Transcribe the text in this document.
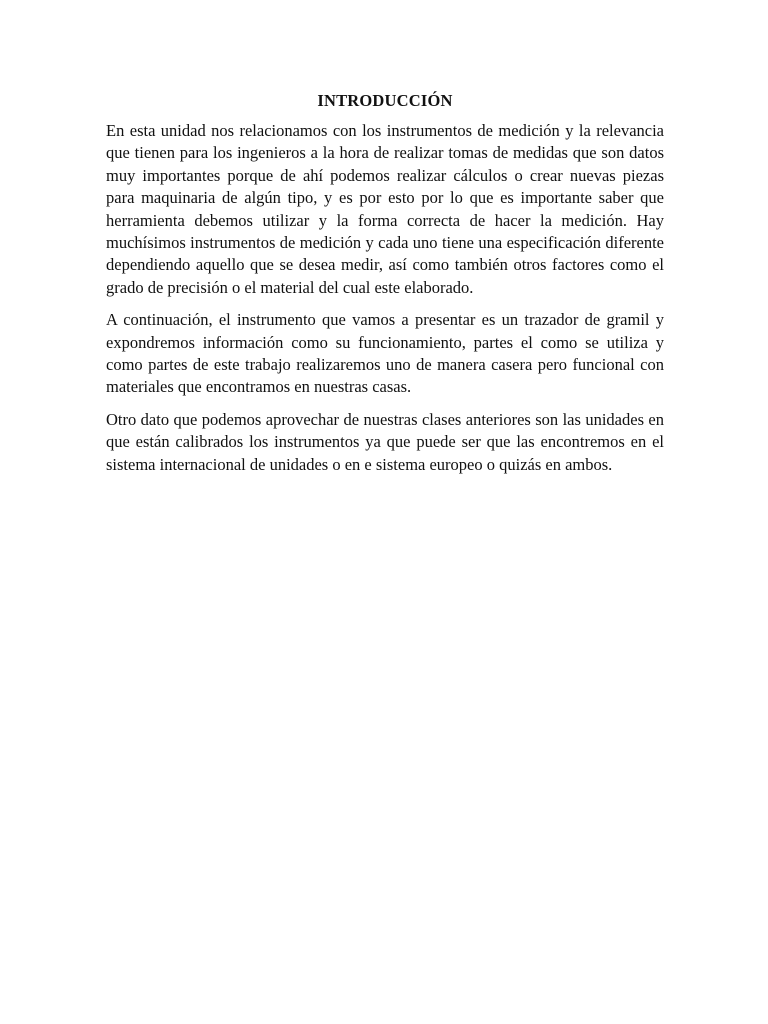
INTRODUCCIÓN

En esta unidad nos relacionamos con los instrumentos de medición y la relevancia que tienen para los ingenieros a la hora de realizar tomas de medidas que son datos muy importantes porque de ahí podemos realizar cálculos o crear nuevas piezas para maquinaria de algún tipo, y es por esto por lo que es importante saber que herramienta debemos utilizar y la forma correcta de hacer la medición. Hay muchísimos instrumentos de medición y cada uno tiene una especificación diferente dependiendo aquello que se desea medir, así como también otros factores como el grado de precisión o el material del cual este elaborado.

A continuación, el instrumento que vamos a presentar es un trazador de gramil y expondremos información como su funcionamiento, partes el como se utiliza y como partes de este trabajo realizaremos uno de manera casera pero funcional con materiales que encontramos en nuestras casas.

Otro dato que podemos aprovechar de nuestras clases anteriores son las unidades en que están calibrados los instrumentos ya que puede ser que las encontremos en el sistema internacional de unidades o en e sistema europeo o quizás en ambos.
